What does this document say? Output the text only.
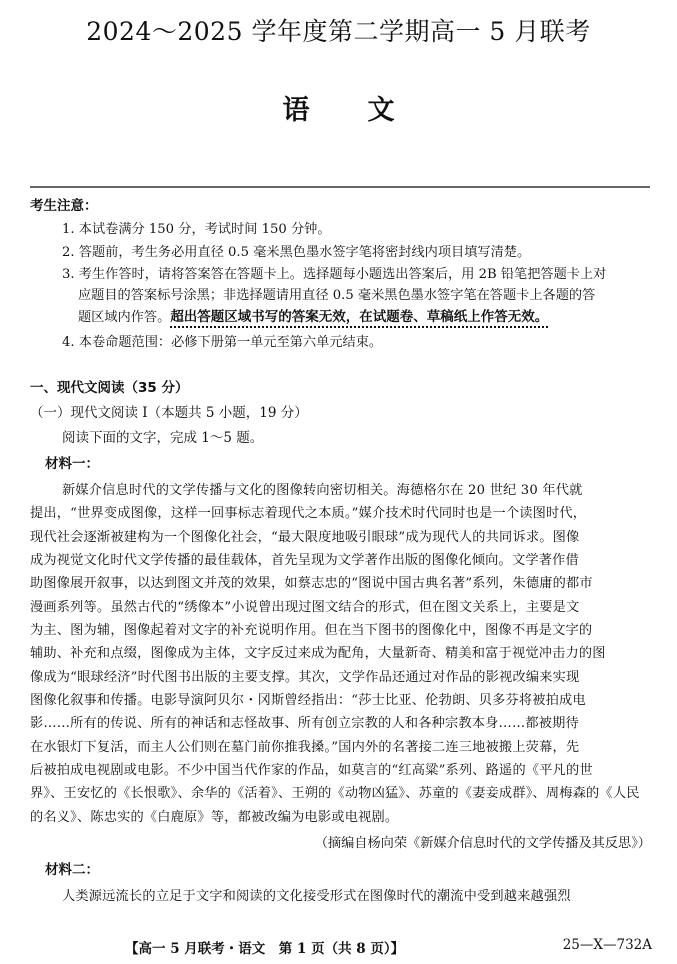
2024～2025 学年度第二学期高一 5 月联考
语文
考生注意：
1. 本试卷满分 150 分，考试时间 150 分钟。
2. 答题前，考生务必用直径 0.5 毫米黑色墨水签字笔将密封线内项目填写清楚。
3. 考生作答时，请将答案答在答题卡上。选择题每小题选出答案后，用 2B 铅笔把答题卡上对
应题目的答案标号涂黑；非选择题请用直径 0.5 毫米黑色墨水签字笔在答题卡上各题的答
题区域内作答。超出答题区域书写的答案无效，在试题卷、草稿纸上作答无效。
4. 本卷命题范围：必修下册第一单元至第六单元结束。
一、现代文阅读（35 分）
（一）现代文阅读 Ⅰ（本题共 5 小题，19 分）
阅读下面的文字，完成 1～5 题。
材料一：
新媒介信息时代的文学传播与文化的图像转向密切相关。海德格尔在 20 世纪 30 年代就
提出，“世界变成图像，这样一回事标志着现代之本质。”媒介技术时代同时也是一个读图时代，
现代社会逐渐被建构为一个图像化社会，“最大限度地吸引眼球”成为现代人的共同诉求。图像
成为视觉文化时代文学传播的最佳载体，首先呈现为文学著作出版的图像化倾向。文学著作借
助图像展开叙事，以达到图文并茂的效果，如蔡志忠的“图说中国古典名著”系列，朱德庸的都市
漫画系列等。虽然古代的“绣像本”小说曾出现过图文结合的形式，但在图文关系上，主要是文
为主、图为辅，图像起着对文字的补充说明作用。但在当下图书的图像化中，图像不再是文字的
辅助、补充和点缀，图像成为主体，文字反过来成为配角，大量新奇、精美和富于视觉冲击力的图
像成为“眼球经济”时代图书出版的主要支撑。其次，文学作品还通过对作品的影视改编来实现
图像化叙事和传播。电影导演阿贝尔・冈斯曾经指出：“莎士比亚、伦勃朗、贝多芬将被拍成电
影……所有的传说、所有的神话和志怪故事、所有创立宗教的人和各种宗教本身……都被期待
在水银灯下复活，而主人公们则在墓门前你推我搡。”国内外的名著接二连三地被搬上荧幕，先
后被拍成电视剧或电影。不少中国当代作家的作品，如莫言的“红高粱”系列、路遥的《平凡的世
界》、王安忆的《长恨歌》、余华的《活着》、王朔的《动物凶猛》、苏童的《妻妾成群》、周梅森的《人民
的名义》、陈忠实的《白鹿原》等，都被改编为电影或电视剧。
（摘编自杨向荣《新媒介信息时代的文学传播及其反思》）
材料二：
人类源远流长的立足于文字和阅读的文化接受形式在图像时代的潮流中受到越来越强烈
【高一 5 月联考・语文　第 1 页（共 8 页）】	25—X—732A
